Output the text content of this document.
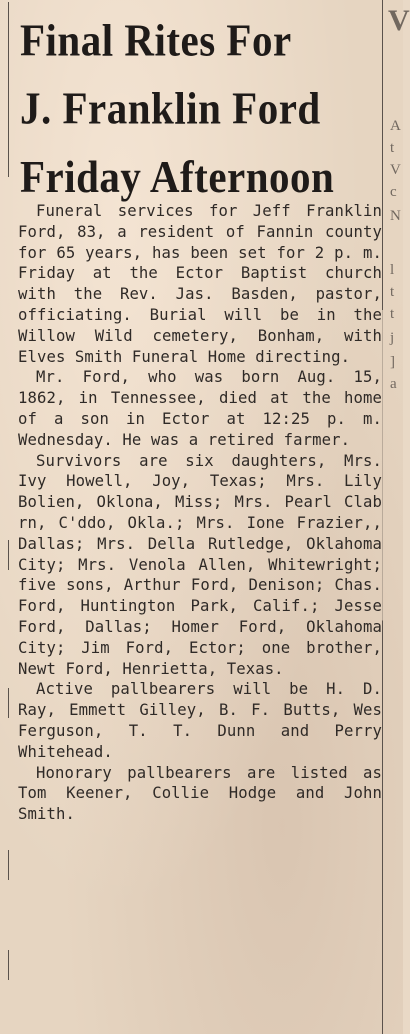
Final Rites For
J. Franklin Ford
Friday Afternoon

Funeral services for Jeff Franklin Ford, 83, a resident of Fannin county for 65 years, has been set for 2 p. m. Friday at the Ector Baptist church with the Rev. Jas. Basden, pastor, officiating. Burial will be in the Willow Wild cemetery, Bonham, with Elves Smith Funeral Home directing.

Mr. Ford, who was born Aug. 15, 1862, in Tennessee, died at the home of a son in Ector at 12:25 p. m. Wednesday. He was a retired farmer.

Survivors are six daughters, Mrs. Ivy Howell, Joy, Texas; Mrs. Lily Bolien, Oklona, Miss; Mrs. Pearl Clab rn, C'ddo, Okla.; Mrs. Ione Frazier,, Dallas; Mrs. Della Rutledge, Oklahoma City; Mrs. Venola Allen, Whitewright; five sons, Arthur Ford, Denison; Chas. Ford, Huntington Park, Calif.; Jesse Ford, Dallas; Homer Ford, Oklahoma City; Jim Ford, Ector; one brother, Newt Ford, Henrietta, Texas.

Active pallbearers will be H. D. Ray, Emmett Gilley, B. F. Butts, Wes Ferguson, T. T. Dunn and Perry Whitehead.

Honorary pallbearers are listed as Tom Keener, Collie Hodge and John Smith.

V
A
t
V
c
N
l
t
t
j
]
a
